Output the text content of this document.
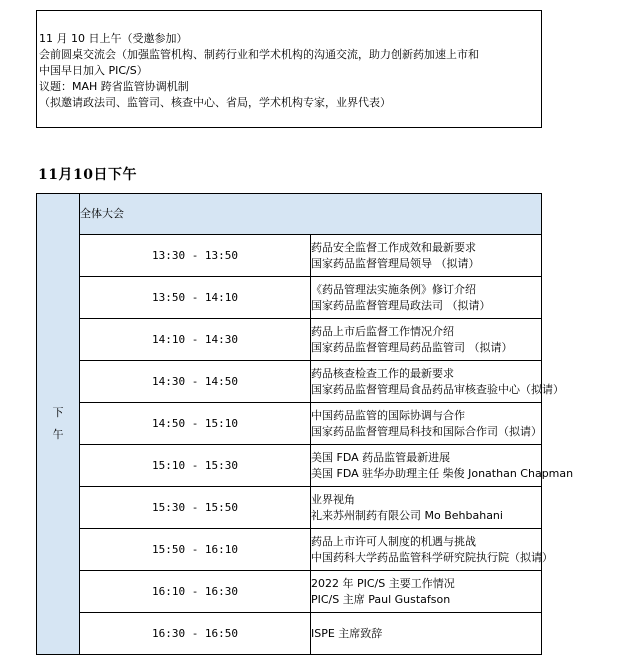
11 月 10 日上午（受邀参加）
会前圆桌交流会（加强监管机构、制药行业和学术机构的沟通交流，助力创新药加速上市和
中国早日加入 PIC/S）
议题：MAH 跨省监管协调机制
（拟邀请政法司、监管司、核查中心、省局，学术机构专家，业界代表）
11月10日下午
下
午	全体大会	
	13:30 - 13:50	药品安全监督工作成效和最新要求
国家药品监督管理局领导 （拟请）

	13:50 - 14:10	《药品管理法实施条例》修订介绍
国家药品监督管理局政法司 （拟请）

	14:10 - 14:30	药品上市后监督工作情况介绍
国家药品监督管理局药品监管司 （拟请）

	14:30 - 14:50	药品核查检查工作的最新要求
国家药品监督管理局食品药品审核查验中心（拟请）

	14:50 - 15:10	中国药品监管的国际协调与合作
国家药品监督管理局科技和国际合作司（拟请）

	15:10 - 15:30	美国 FDA 药品监管最新进展
美国 FDA 驻华办助理主任 柴俊 Jonathan Chapman

	15:30 - 15:50	业界视角
礼来苏州制药有限公司 Mo Behbahani

	15:50 - 16:10	药品上市许可人制度的机遇与挑战
中国药科大学药品监管科学研究院执行院（拟请）

	16:10 - 16:30	2022 年 PIC/S 主要工作情况
PIC/S 主席 Paul Gustafson

	16:30 - 16:50	ISPE 主席致辞
